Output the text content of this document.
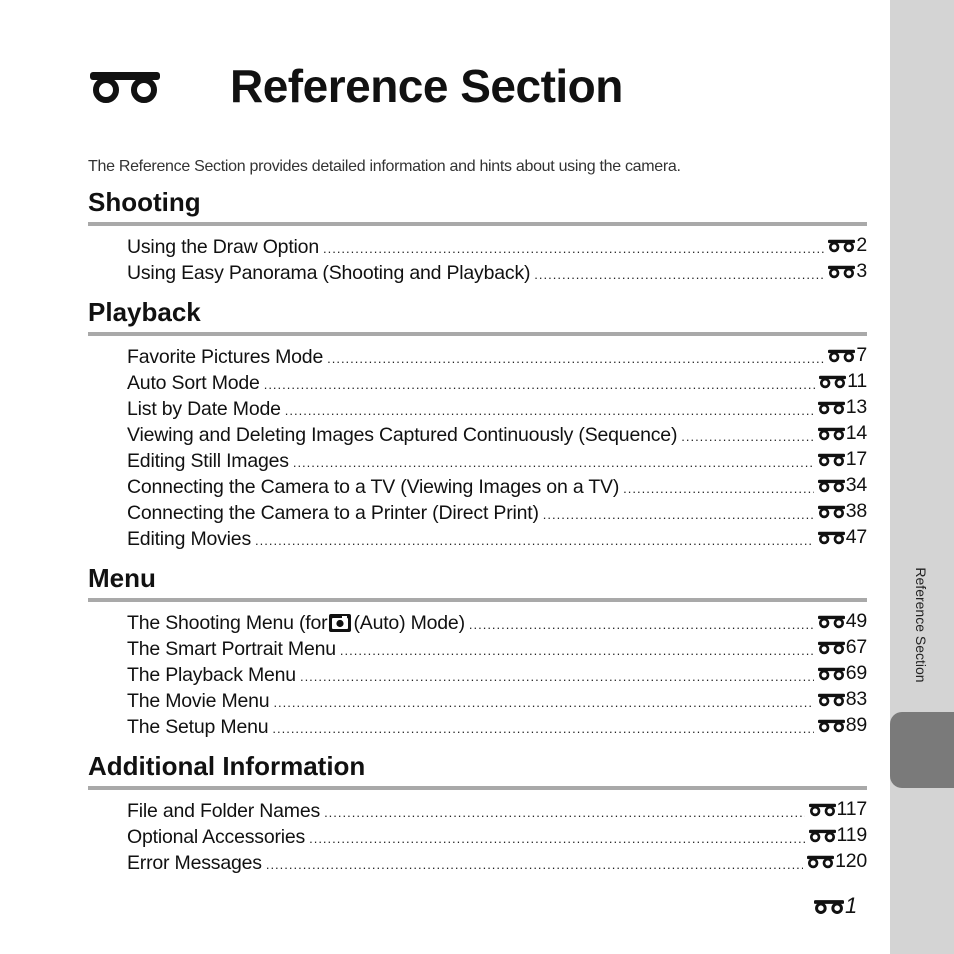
Reference Section
Reference Section
The Reference Section provides detailed information and hints about using the camera.
Shooting
Using the Draw Option .....	2
Using Easy Panorama (Shooting and Playback) .....	3
Playback
Favorite Pictures Mode .....	7
Auto Sort Mode .....	11
List by Date Mode .....	13
Viewing and Deleting Images Captured Continuously (Sequence) .....	14
Editing Still Images .....	17
Connecting the Camera to a TV (Viewing Images on a TV) .....	34
Connecting the Camera to a Printer (Direct Print) .....	38
Editing Movies .....	47
Menu
The Shooting Menu (for (Auto) Mode) .....	49
The Smart Portrait Menu .....	67
The Playback Menu .....	69
The Movie Menu .....	83
The Setup Menu .....	89
Additional Information
File and Folder Names .....	117
Optional Accessories .....	119
Error Messages .....	120
1
